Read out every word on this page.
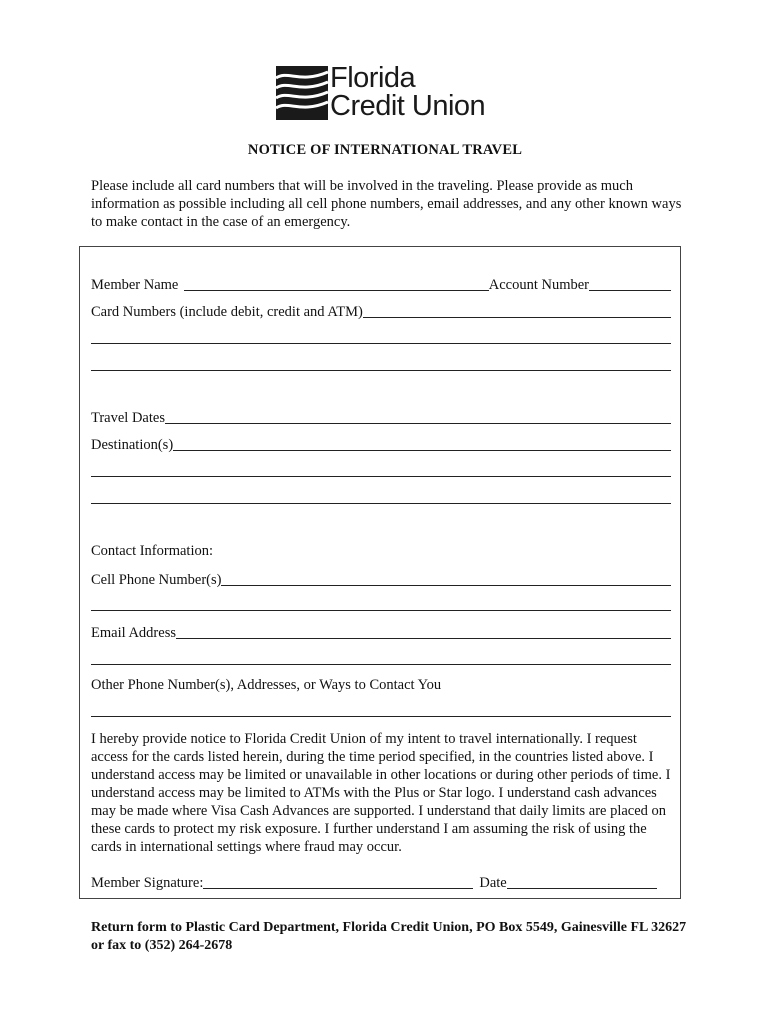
Florida
Credit Union
NOTICE OF INTERNATIONAL TRAVEL
Please include all card numbers that will be involved in the traveling. Please provide as much information as possible including all cell phone numbers, email addresses, and any other known ways to make contact in the case of an emergency.
Member Name	Account Number
Card Numbers (include debit, credit and ATM)
Travel Dates
Destination(s)
Contact Information:
Cell Phone Number(s)
Email Address
Other Phone Number(s), Addresses, or Ways to Contact You
I hereby provide notice to Florida Credit Union of my intent to travel internationally. I request access for the cards listed herein, during the time period specified, in the countries listed above. I understand access may be limited or unavailable in other locations or during other periods of time. I understand access may be limited to ATMs with the Plus or Star logo. I understand cash advances may be made where Visa Cash Advances are supported. I understand that daily limits are placed on these cards to protect my risk exposure. I further understand I am assuming the risk of using the cards in international settings where fraud may occur.
Member Signature:	Date
Return form to Plastic Card Department, Florida Credit Union, PO Box 5549, Gainesville FL 32627 or fax to (352) 264-2678
